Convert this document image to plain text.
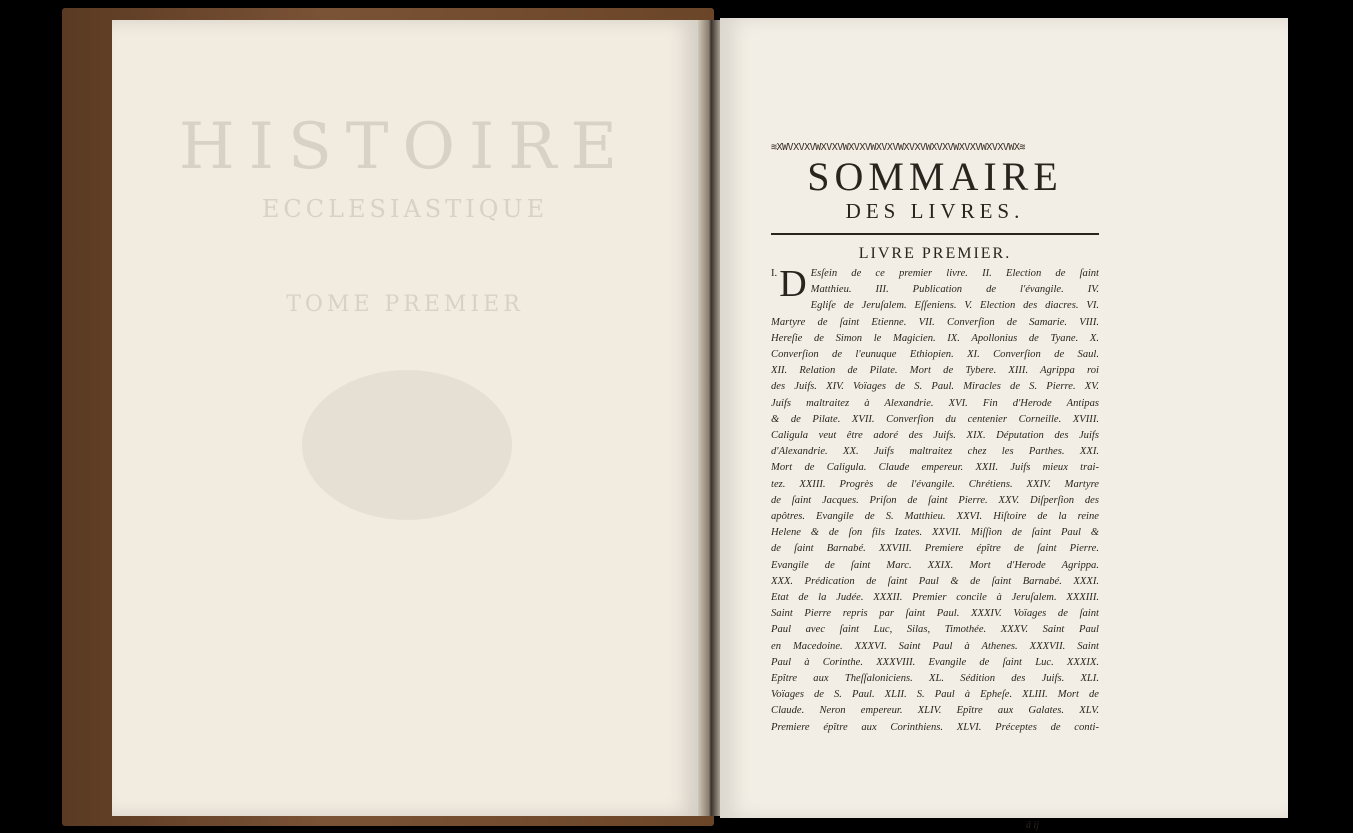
HISTOIRE
ECCLESIASTIQUE
TOME PREMIER
≋XWVXVXVWXVXVWXVXVWXVXVWXVXVWXVXVWXVXVWXVXVWX≋
SOMMAIRE
DES LIVRES.
LIVRE PREMIER.
I. D Esſein de ce premier livre. II. Election de ſaint
Matthieu. III. Publication de l'évangile. IV.
Egliſe de Jeruſalem. Eſſeniens. V. Election des diacres. VI.
Martyre de ſaint Etienne. VII. Converſion de Samarie. VIII.
Hereſie de Simon le Magicien. IX. Apollonius de Tyane. X.
Converſion de l'eunuque Ethiopien. XI. Converſion de Saul.
XII. Relation de Pilate. Mort de Tybere. XIII. Agrippa roi
des Juifs. XIV. Voïages de S. Paul. Miracles de S. Pierre. XV.
Juifs maltraitez à Alexandrie. XVI. Fin d'Herode Antipas
& de Pilate. XVII. Converſion du centenier Corneille. XVIII.
Caligula veut être adoré des Juifs. XIX. Députation des Juifs
d'Alexandrie. XX. Juifs maltraitez chez les Parthes. XXI.
Mort de Caligula. Claude empereur. XXII. Juifs mieux trai-
tez. XXIII. Progrès de l'évangile. Chrétiens. XXIV. Martyre
de ſaint Jacques. Priſon de ſaint Pierre. XXV. Diſperſion des
apôtres. Evangile de S. Matthieu. XXVI. Hiſtoire de la reine
Helene & de ſon fils Izates. XXVII. Miſſion de ſaint Paul &
de ſaint Barnabé. XXVIII. Premiere épître de ſaint Pierre.
Evangile de ſaint Marc. XXIX. Mort d'Herode Agrippa.
XXX. Prédication de ſaint Paul & de ſaint Barnabé. XXXI.
Etat de la Judée. XXXII. Premier concile à Jeruſalem. XXXIII.
Saint Pierre repris par ſaint Paul. XXXIV. Voïages de ſaint
Paul avec ſaint Luc, Silas, Timothée. XXXV. Saint Paul
en Macedoine. XXXVI. Saint Paul à Athenes. XXXVII. Saint
Paul à Corinthe. XXXVIII. Evangile de ſaint Luc. XXXIX.
Epître aux Theſſaloniciens. XL. Sédition des Juifs. XLI.
Voïages de S. Paul. XLII. S. Paul à Epheſe. XLIII. Mort de
Claude. Neron empereur. XLIV. Epître aux Galates. XLV.
Premiere épître aux Corinthiens. XLVI. Préceptes de conti-
ã ij
